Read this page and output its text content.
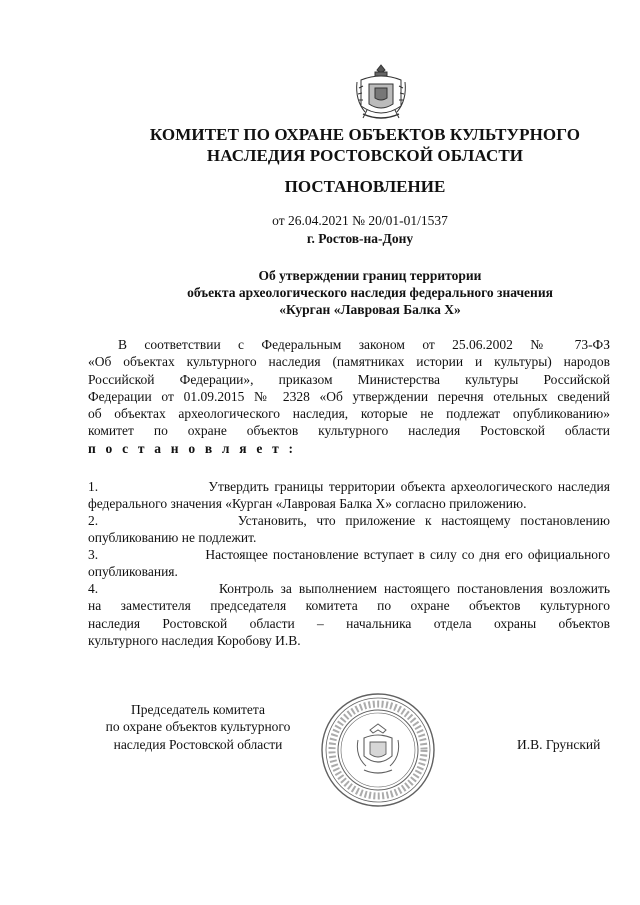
КОМИТЕТ ПО ОХРАНЕ ОБЪЕКТОВ КУЛЬТУРНОГО
НАСЛЕДИЯ РОСТОВСКОЙ ОБЛАСТИ
ПОСТАНОВЛЕНИЕ
от 26.04.2021 № 20/01-01/1537
г. Ростов-на-Дону
Об утверждении границ территории
объекта археологического наследия федерального значения
«Курган «Лавровая Балка X»
В соответствии с Федеральным законом от 25.06.2002 № 73-ФЗ
«Об объектах культурного наследия (памятниках истории и культуры) народов
Российской Федерации», приказом Министерства культуры Российской
Федерации от 01.09.2015 № 2328 «Об утверждении перечня отельных сведений
об объектах археологического наследия, которые не подлежат опубликованию»
комитет по охране объектов культурного наследия Ростовской области
п о с т а н о в л я е т :
1.	Утвердить границы территории объекта археологического наследия
федерального значения «Курган «Лавровая Балка X» согласно приложению.
2.	Установить, что приложение к настоящему постановлению
опубликованию не подлежит.
3.	Настоящее постановление вступает в силу со дня его официального
опубликования.
4.	Контроль за выполнением настоящего постановления возложить
на заместителя председателя комитета по охране объектов культурного
наследия Ростовской области – начальника отдела охраны объектов
культурного наследия Коробову И.В.
Председатель комитета
по охране объектов культурного
наследия Ростовской области	И.В. Грунский
